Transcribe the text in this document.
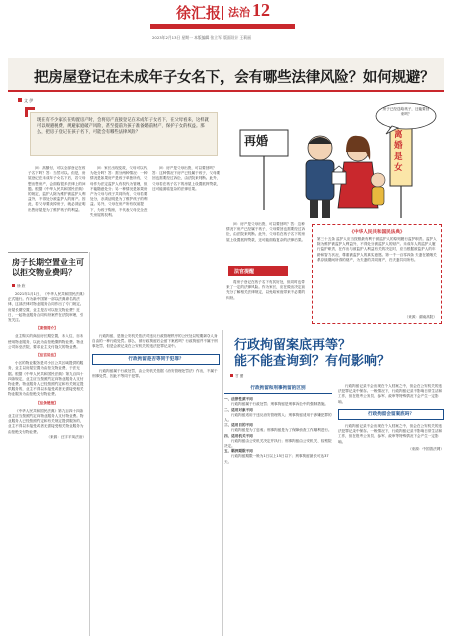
徐汇报 法治 12
2023年2月13日 星期一 本版编辑 张立军 版面设计 王莉丽
把房屋登记在未成年子女名下，会有哪些法律风险？如何规避？
文 伊
现在有不少家长在购置房产时，会将房产直接登记在未成年子女名下，在父母看来，这样就可以规避税费、规避家庭破产风险，甚至提前为孩子准备婚前财产、保护子女的权益。那么，把房子登记在孩子名下，可能会有哪些法律风险？
再婚	离婚是女
房子已经送给孩子，还能要回来吗？

问：高额付，可以全部登记在孩子名下吗？答：当然可以。但是，房屋登记在未成年子女名下后，若父母想出售房产，会面临很多法律上的问题。根据《中华人民共和国民法典》的规定，监护人除为维护被监护人利益外，不得处分被监护人的财产。因此，若父母要卖掉房子，就必须证明出售房屋是为了维护孩子的利益。

问：家长出现变故，父母可以代为处分吗？答：需分两种情况：一种情况是如果房产是孩子单独所有，父母作为法定监护人有权代为管理，但不能随意处分；另一种情况是如果房产为父母与孩子共同所有，父母若要处分，亦须证明是为了维护孩子的利益。另外，父母在房产所有权前提下，为孩子购房，不代表父母完全丧失房屋的权利。

问：房产是父母出资，可以要回吗？答：这种情况下房产已经属于孩子，父母要回也需要经过诉讼，由法院来判断。此外，父母若在孩子名下的房屋上设置抵押贷款，还可能面临复杂的法律后果。

房子长期空置业主可以拒交物业费吗？
徐 欣

2021年1月1日，《中华人民共和国民法典》正式施行。作为新中国第一部以法典命名的法律，这部法律对物业服务合同作出了专门规定。房屋长期空置，业主是否可以拒交物业费？近日，一起物业服务合同纠纷案件在法院审理，引发关注。

【案情简介】

业主购买的商品房长期空置，未入住，亦未使用物业服务，以此为由拒绝缴纳物业费。物业公司诉至法院，要求业主支付拖欠的物业费。

【法官说法】

小区的物业服务是对小区公共区域提供的服务，业主以房屋空置为由拒交物业费，于法无据。根据《中华人民共和国民法典》第九百四十四条规定，业主应当按照约定向物业服务人支付物业费。物业服务人已经按照约定和有关规定提供服务的，业主不得以未接受或者无需接受相关物业服务为由拒绝支付物业费。

【法条链接】

《中华人民共和国民法典》第九百四十四条 业主应当按照约定向物业服务人支付物业费。物业服务人已经按照约定和有关规定提供服务的，业主不得以未接受或者无需接受相关物业服务为由拒绝支付物业费。

（来源：汪宇平凤法治）

问：房产是父母出资，可以要回吗？答：这种情况下房产已经属于孩子，父母要回也需要经过诉讼，由法院来判断。此外，父母若在孩子名下的房屋上设置抵押贷款，还可能面临复杂的法律后果。

法官提醒

将房子登记在孩子名下有其好处，但同时也带来了一定的法律风险。作为家长，应在做出决定前充分了解相关法律规定，以免给家庭带来不必要的纠纷。

《中华人民共和国民法典》
第三十五条 监护人应当按照最有利于被监护人的原则履行监护职责。监护人除为维护被监护人利益外，不得处分被监护人的财产。未成年人的监护人履行监护职责，在作出与被监护人利益有关的决定时，应当根据被监护人的年龄和智力状况，尊重被监护人的真实意愿。第一千一百零四条 夫妻在婚姻关系存续期间所得的财产，为夫妻的共同财产，归夫妻共同所有。
（来源：湖南高院）
行政拘留案底再等？
能不能查询到？有何影响？
甘 蕾

行政拘留，是指公安机关依法对违反行政管理秩序的公民处以短期剥夺人身自由的一种行政处罚。那么，被行政拘留后会留下案底吗？行政拘留并不属于刑事处罚，但是会被记录在公安机关的违法犯罪记录中。

行政拘留是否等同于犯罪？

行政拘留属于行政处罚，由公安机关依据《治安管理处罚法》作出，不属于刑事处罚，因此不等同于犯罪。

行政拘留和刑事拘留的区别
一、法律性质不同

行政拘留属于行政处罚；刑事拘留是刑事诉讼中的强制措施。

二、适用对象不同

行政拘留适用于违反治安管理的人；刑事拘留适用于涉嫌犯罪的人。

三、适用目的不同

行政拘留是为了惩戒；刑事拘留是为了保障侦查工作顺利进行。

四、适用机关不同

行政拘留由公安机关决定并执行；刑事拘留由公安机关、检察院决定。

五、羁押期限不同

行政拘留期限一般为1日以上15日以下；刑事拘留最长可达37天。

行政拘留记录不会出现在个人档案之中，但会在公安机关的违法犯罪记录中保存。一般情况下，行政拘留记录不影响日常生活和工作，但在报考公务员、参军、政审等特殊情况下会产生一定影响。

行政拘留会留案底吗？

行政拘留记录不会出现在个人档案之中，但会在公安机关的违法犯罪记录中保存。一般情况下，行政拘留记录不影响日常生活和工作，但在报考公务员、参军、政审等特殊情况下会产生一定影响。

（来源：中国普法网）
